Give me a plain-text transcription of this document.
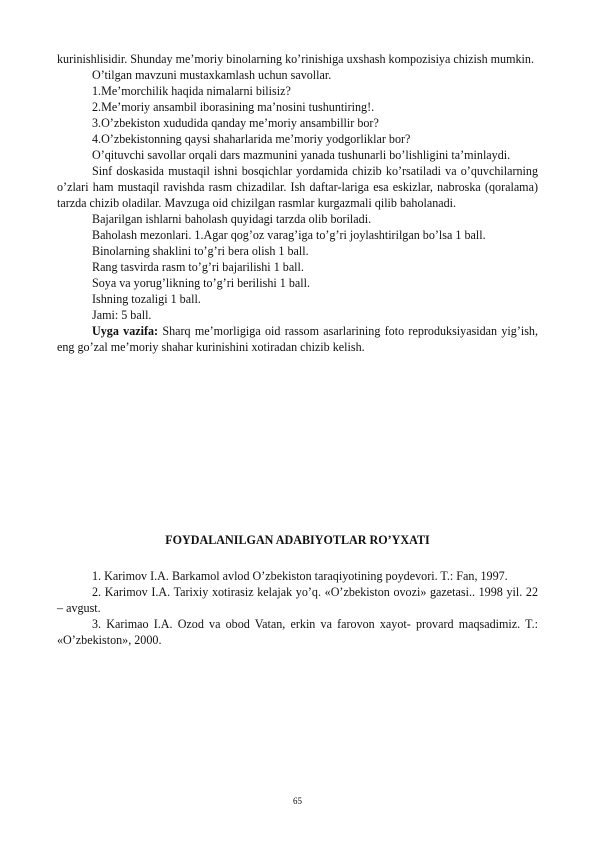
kurinishlisidir. Shunday me’moriy binolarning ko’rinishiga uxshash kompozisiya chizish mumkin.

O’tilgan mavzuni mustaxkamlash uchun savollar.

1.Me’morchilik haqida nimalarni bilisiz?

2.Me’moriy ansambil iborasining ma’nosini tushuntiring!.

3.O’zbekiston xududida qanday me’moriy ansambillir bor?

4.O’zbekistonning qaysi shaharlarida me’moriy yodgorliklar bor?

O’qituvchi savollar orqali dars mazmunini yanada tushunarli bo’lishligini ta’minlaydi.

Sinf doskasida mustaqil ishni bosqichlar yordamida chizib ko’rsatiladi va o’quvchilarning o’zlari ham mustaqil ravishda rasm chizadilar. Ish daftar-lariga esa eskizlar, nabroska (qoralama) tarzda chizib oladilar. Mavzuga oid chizilgan rasmlar kurgazmali qilib baholanadi.

Bajarilgan ishlarni baholash quyidagi tarzda olib boriladi.

Baholash mezonlari. 1.Agar qog’oz varag’iga to’g’ri joylashtirilgan bo’lsa 1 ball.

Binolarning shaklini to’g’ri bera olish 1 ball.

Rang tasvirda rasm to’g’ri bajarilishi 1 ball.

Soya va yorug’likning to’g’ri berilishi 1 ball.

Ishning tozaligi 1 ball.

Jami: 5 ball.

Uyga vazifa: Sharq me’morligiga oid rassom asarlarining foto reproduksiyasidan yig’ish, eng go’zal me’moriy shahar kurinishini xotiradan chizib kelish.

FOYDALANILGAN ADABIYOTLAR RO’YXATI

1. Karimov I.A. Barkamol avlod O’zbekiston taraqiyotining poydevori. T.: Fan, 1997.

2. Karimov I.A. Tarixiy xotirasiz kelajak yo’q. «O’zbekiston ovozi» gazetasi.. 1998 yil. 22 – avgust.

3. Karimao I.A. Ozod va obod Vatan, erkin va farovon xayot- provard maqsadimiz. T.: «O’zbekiston», 2000.

65
